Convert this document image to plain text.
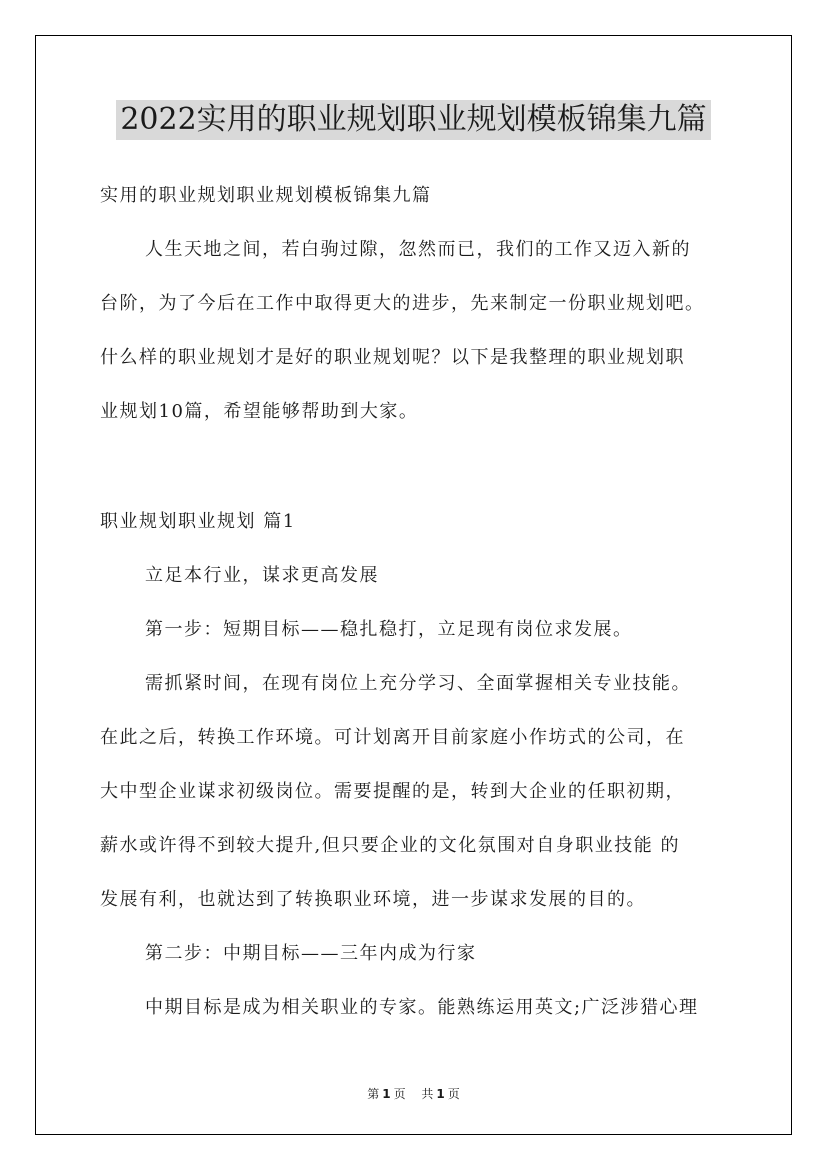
2022实用的职业规划职业规划模板锦集九篇
实用的职业规划职业规划模板锦集九篇
人生天地之间，若白驹过隙，忽然而已，我们的工作又迈入新的
台阶，为了今后在工作中取得更大的进步，先来制定一份职业规划吧。
什么样的职业规划才是好的职业规划呢？以下是我整理的职业规划职
业规划10篇，希望能够帮助到大家。
职业规划职业规划 篇1
立足本行业，谋求更高发展
第一步：短期目标——稳扎稳打，立足现有岗位求发展。
需抓紧时间，在现有岗位上充分学习、全面掌握相关专业技能。
在此之后，转换工作环境。可计划离开目前家庭小作坊式的公司，在
大中型企业谋求初级岗位。需要提醒的是，转到大企业的任职初期，
薪水或许得不到较大提升,但只要企业的文化氛围对自身职业技能 的
发展有利，也就达到了转换职业环境，进一步谋求发展的目的。
第二步：中期目标——三年内成为行家
中期目标是成为相关职业的专家。能熟练运用英文;广泛涉猎心理
第 1 页 共 1 页
